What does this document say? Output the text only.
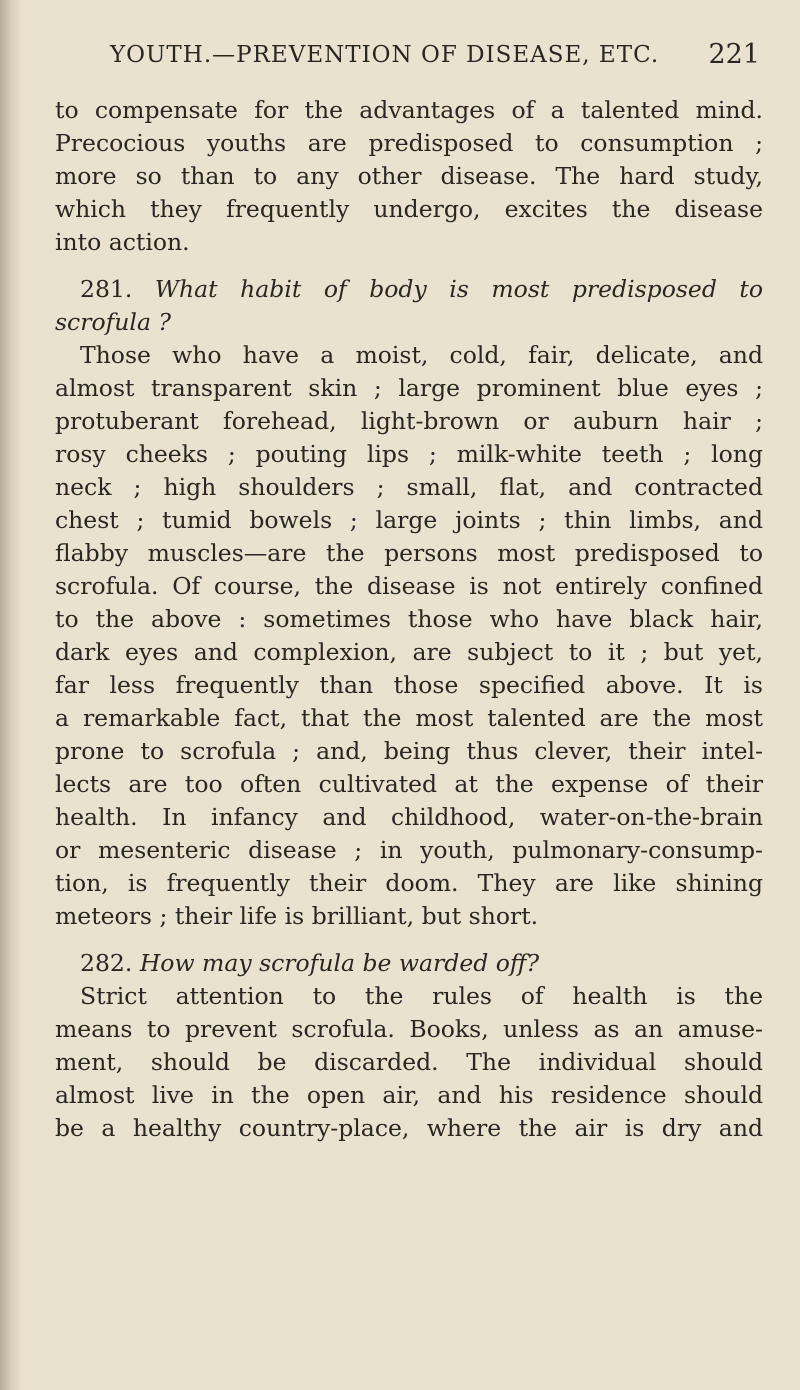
YOUTH.—PREVENTION OF DISEASE, ETC. 221
to compensate for the advantages of a talented mind.
Precocious youths are predisposed to consumption ;
more so than to any other disease. The hard study,
which they frequently undergo, excites the disease
into action.
281. What habit of body is most predisposed to
scrofula ?
Those who have a moist, cold, fair, delicate, and
almost transparent skin ; large prominent blue eyes ;
protuberant forehead, light-brown or auburn hair ;
rosy cheeks ; pouting lips ; milk-white teeth ; long
neck ; high shoulders ; small, flat, and contracted
chest ; tumid bowels ; large joints ; thin limbs, and
flabby muscles—are the persons most predisposed to
scrofula. Of course, the disease is not entirely confined
to the above : sometimes those who have black hair,
dark eyes and complexion, are subject to it ; but yet,
far less frequently than those specified above. It is
a remarkable fact, that the most talented are the most
prone to scrofula ; and, being thus clever, their intel-
lects are too often cultivated at the expense of their
health. In infancy and childhood, water-on-the-brain
or mesenteric disease ; in youth, pulmonary-consump-
tion, is frequently their doom. They are like shining
meteors ; their life is brilliant, but short.
282. How may scrofula be warded off?
Strict attention to the rules of health is the
means to prevent scrofula. Books, unless as an amuse-
ment, should be discarded. The individual should
almost live in the open air, and his residence should
be a healthy country-place, where the air is dry and
